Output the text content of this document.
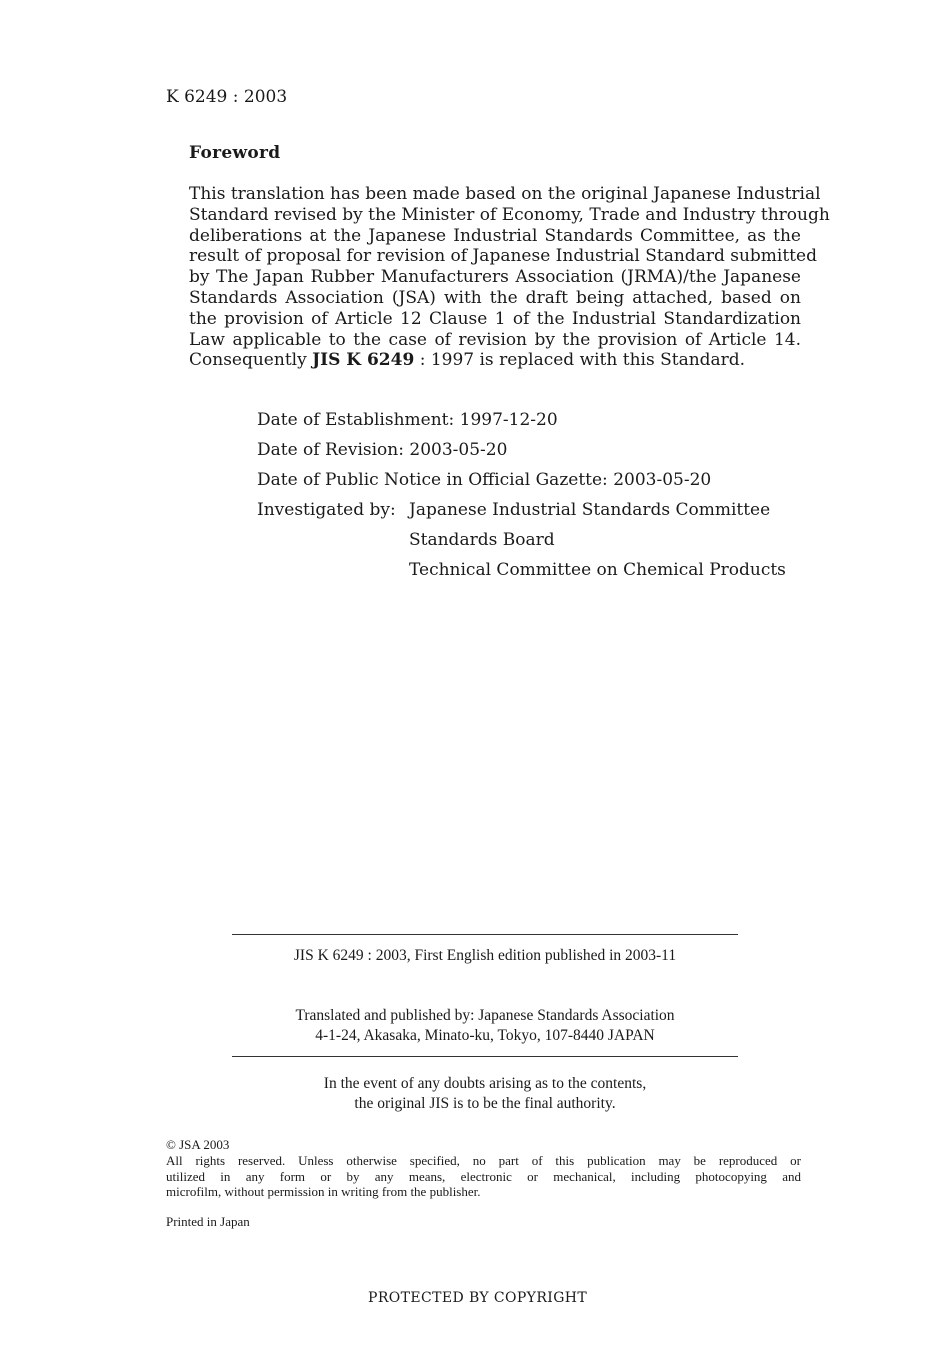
K 6249 : 2003
Foreword
This translation has been made based on the original Japanese Industrial
Standard revised by the Minister of Economy, Trade and Industry through
deliberations at the Japanese Industrial Standards Committee, as the
result of proposal for revision of Japanese Industrial Standard submitted
by The Japan Rubber Manufacturers Association (JRMA)/the Japanese
Standards Association (JSA) with the draft being attached, based on
the provision of Article 12 Clause 1 of the Industrial Standardization
Law applicable to the case of revision by the provision of Article 14.
Consequently JIS K 6249 : 1997 is replaced with this Standard.
Date of Establishment: 1997-12-20
Date of Revision: 2003-05-20
Date of Public Notice in Official Gazette: 2003-05-20
Investigated by: Japanese Industrial Standards Committee
Standards Board
Technical Committee on Chemical Products
JIS K 6249 : 2003, First English edition published in 2003-11
Translated and published by: Japanese Standards Association
4-1-24, Akasaka, Minato-ku, Tokyo, 107-8440 JAPAN
In the event of any doubts arising as to the contents,
the original JIS is to be the final authority.
© JSA 2003
All rights reserved. Unless otherwise specified, no part of this publication may be reproduced or
utilized in any form or by any means, electronic or mechanical, including photocopying and
microfilm, without permission in writing from the publisher.
Printed in Japan
PROTECTED BY COPYRIGHT
